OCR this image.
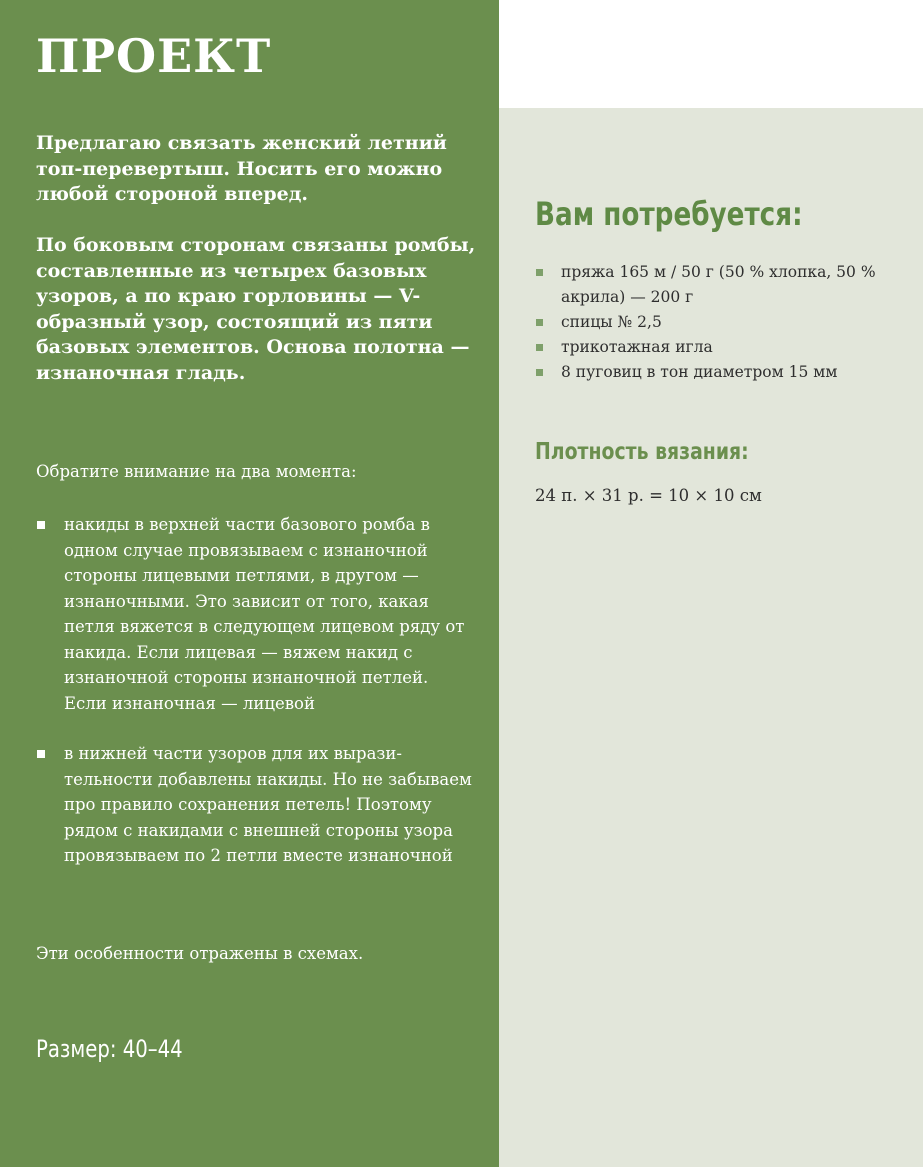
ПРОЕКТ

Предлагаю связать женский летний топ-перевертыш. Носить его можно любой стороной вперед.

По боковым сторонам связаны ромбы, составленные из четырех базовых узоров, а по краю горловины — V-образный узор, состоящий из пяти базовых элементов. Основа полотна — изнаночная гладь.

Обратите внимание на два момента:

накиды в верхней части базового ромба в одном случае провязываем с изнаночной стороны лицевыми петлями, в другом — изнаночными. Это зависит от того, какая петля вяжется в следующем лицевом ряду от накида. Если лицевая — вяжем накид с изнаночной стороны изнаночной петлей. Если изнаночная — лицевой
в нижней части узоров для их выразительности добавлены накиды. Но не забываем про правило сохранения петель! Поэтому рядом с накидами с внешней стороны узора провязываем по 2 петли вместе изнаночной

Эти особенности отражены в схемах.

Размер: 40–44

Вам потребуется:
пряжа 165 м / 50 г (50 % хлопка, 50 % акрила) — 200 г
спицы № 2,5
трикотажная игла
8 пуговиц в тон диаметром 15 мм
Плотность вязания:

24 п. × 31 р. = 10 × 10 см
